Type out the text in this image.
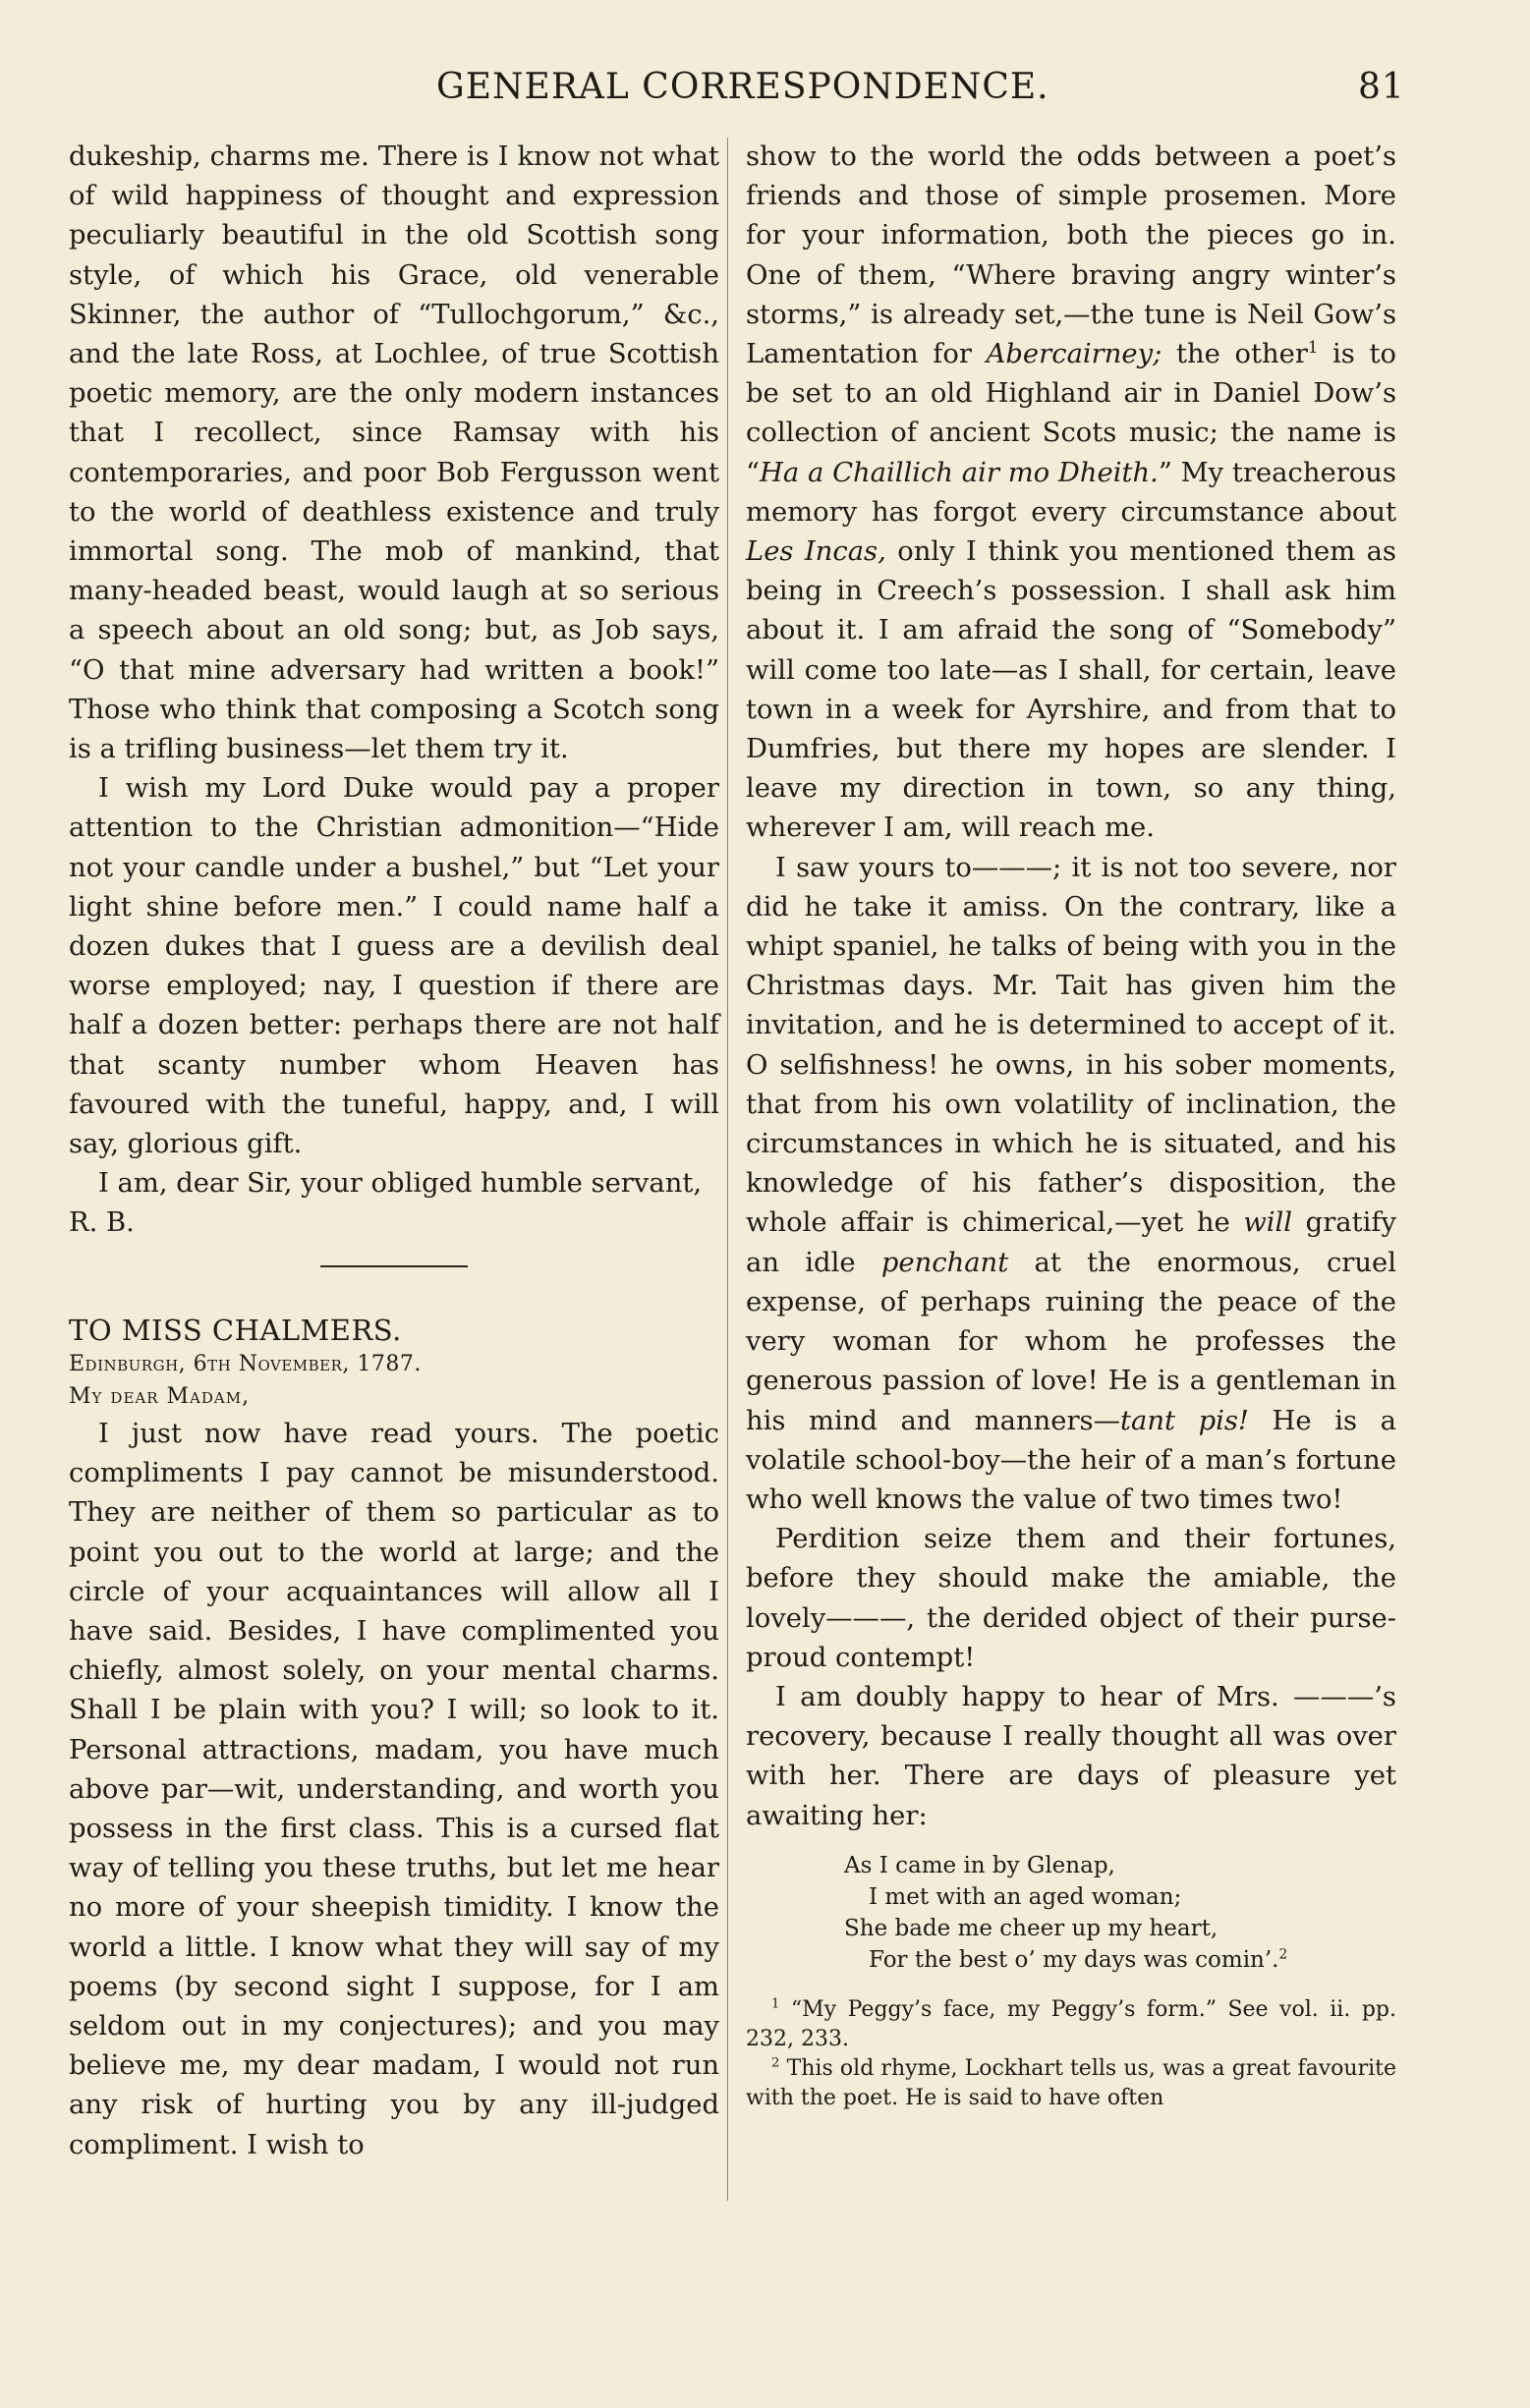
GENERAL CORRESPONDENCE.	81

dukeship, charms me. There is I know not what of wild happiness of thought and expression peculiarly beautiful in the old Scottish song style, of which his Grace, old venerable Skinner, the author of “Tullochgorum,” &c., and the late Ross, at Lochlee, of true Scottish poetic memory, are the only modern instances that I recollect, since Ramsay with his contemporaries, and poor Bob Fergusson went to the world of deathless existence and truly immortal song. The mob of mankind, that many-headed beast, would laugh at so serious a speech about an old song; but, as Job says, “O that mine adversary had written a book!” Those who think that composing a Scotch song is a trifling business—let them try it.

I wish my Lord Duke would pay a proper attention to the Christian admonition—“Hide not your candle under a bushel,” but “Let your light shine before men.” I could name half a dozen dukes that I guess are a devilish deal worse employed; nay, I question if there are half a dozen better: perhaps there are not half that scanty number whom Heaven has favoured with the tuneful, happy, and, I will say, glorious gift.

I am, dear Sir, your obliged humble servant,

R. B.

TO MISS CHALMERS.

Edinburgh, 6th November, 1787.

My dear Madam,

I just now have read yours. The poetic compliments I pay cannot be misunderstood. They are neither of them so particular as to point you out to the world at large; and the circle of your acquaintances will allow all I have said. Besides, I have complimented you chiefly, almost solely, on your mental charms. Shall I be plain with you? I will; so look to it. Personal attractions, madam, you have much above par—wit, understanding, and worth you possess in the first class. This is a cursed flat way of telling you these truths, but let me hear no more of your sheepish timidity. I know the world a little. I know what they will say of my poems (by second sight I suppose, for I am seldom out in my conjectures); and you may believe me, my dear madam, I would not run any risk of hurting you by any ill-judged compliment. I wish to

show to the world the odds between a poet’s friends and those of simple prosemen. More for your information, both the pieces go in. One of them, “Where braving angry winter’s storms,” is already set,—the tune is Neil Gow’s Lamentation for Abercairney; the other$^1$ is to be set to an old Highland air in Daniel Dow’s collection of ancient Scots music; the name is “Ha a Chaillich air mo Dheith.” My treacherous memory has forgot every circumstance about Les Incas, only I think you mentioned them as being in Creech’s possession. I shall ask him about it. I am afraid the song of “Somebody” will come too late—as I shall, for certain, leave town in a week for Ayrshire, and from that to Dumfries, but there my hopes are slender. I leave my direction in town, so any thing, wherever I am, will reach me.

I saw yours to———; it is not too severe, nor did he take it amiss. On the contrary, like a whipt spaniel, he talks of being with you in the Christmas days. Mr. Tait has given him the invitation, and he is determined to accept of it. O selfishness! he owns, in his sober moments, that from his own volatility of inclination, the circumstances in which he is situated, and his knowledge of his father’s disposition, the whole affair is chimerical,—yet he will gratify an idle penchant at the enormous, cruel expense, of perhaps ruining the peace of the very woman for whom he professes the generous passion of love! He is a gentleman in his mind and manners—tant pis! He is a volatile school-boy—the heir of a man’s fortune who well knows the value of two times two!

Perdition seize them and their fortunes, before they should make the amiable, the lovely———, the derided object of their purse-proud contempt!

I am doubly happy to hear of Mrs. ———’s recovery, because I really thought all was over with her. There are days of pleasure yet awaiting her:

As I came in by Glenap,
I met with an aged woman;
She bade me cheer up my heart,
For the best o’ my days was comin’.$^2$

$^1$ “My Peggy’s face, my Peggy’s form.” See vol. ii. pp. 232, 233.

$^2$ This old rhyme, Lockhart tells us, was a great favourite with the poet. He is said to have often
